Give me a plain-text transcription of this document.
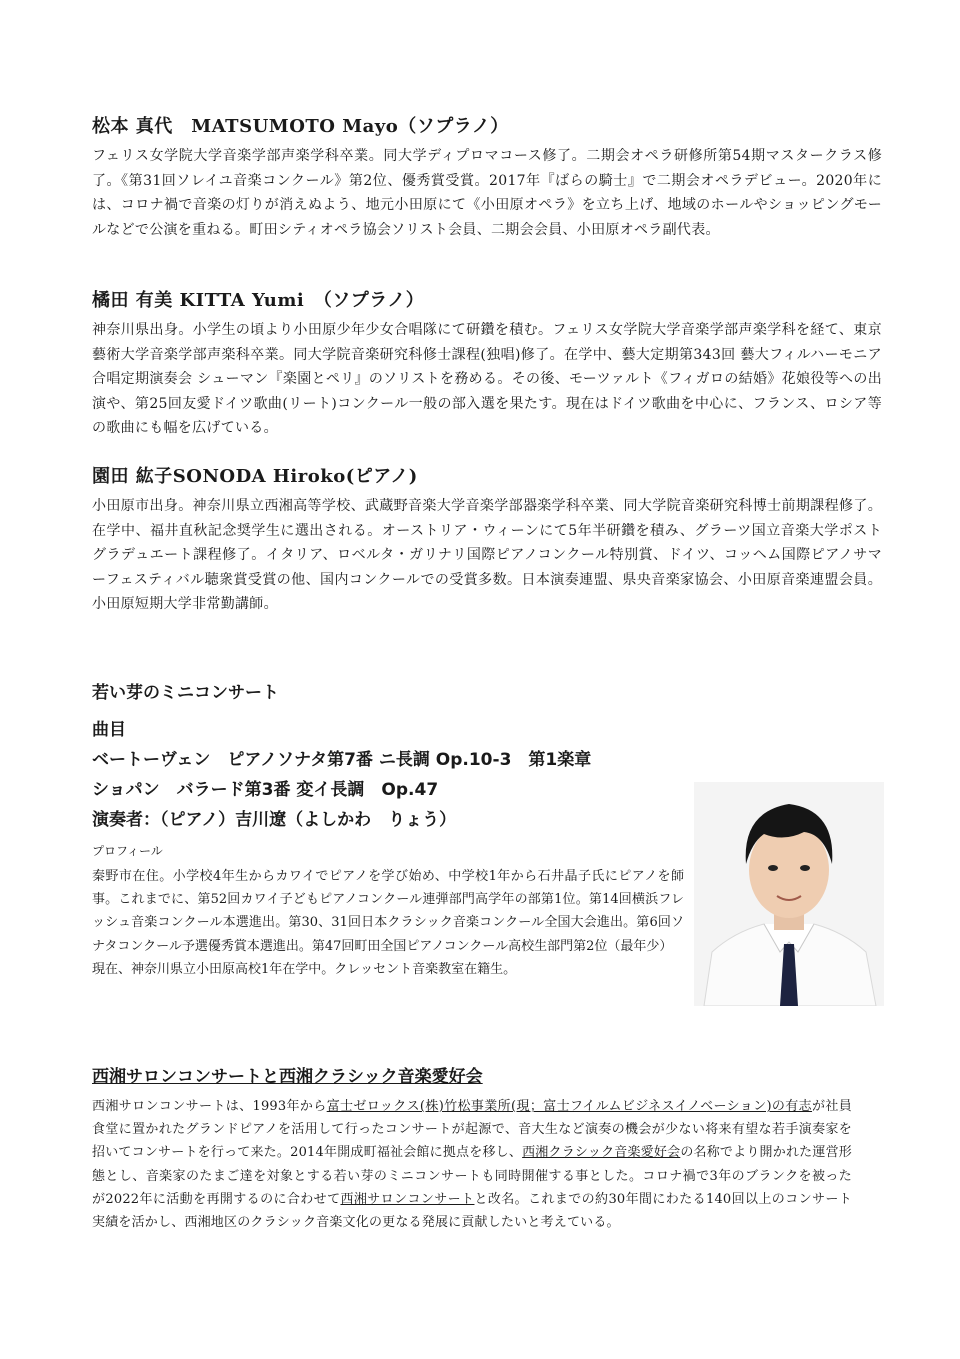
松本 真代　MATSUMOTO Mayo（ソプラノ）

フェリス女学院大学音楽学部声楽学科卒業。同大学ディプロマコース修了。二期会オペラ研修所第54期マスタークラス修了。《第31回ソレイユ音楽コンクール》第2位、優秀賞受賞。2017年『ばらの騎士』で二期会オペラデビュー。2020年には、コロナ禍で音楽の灯りが消えぬよう、地元小田原にて《小田原オペラ》を立ち上げ、地域のホールやショッピングモールなどで公演を重ねる。町田シティオペラ協会ソリスト会員、二期会会員、小田原オペラ副代表。

橘田 有美 KITTA Yumi　（ソプラノ）

神奈川県出身。小学生の頃より小田原少年少女合唱隊にて研鑽を積む。フェリス女学院大学音楽学部声楽学科を経て、東京藝術大学音楽学部声楽科卒業。同大学院音楽研究科修士課程(独唱)修了。在学中、藝大定期第343回 藝大フィルハーモニア合唱定期演奏会 シューマン『楽園とペリ』のソリストを務める。その後、モーツァルト《フィガロの結婚》花娘役等への出演や、第25回友愛ドイツ歌曲(リート)コンクール一般の部入選を果たす。現在はドイツ歌曲を中心に、フランス、ロシア等の歌曲にも幅を広げている。

園田 紘子SONODA Hiroko(ピアノ)

小田原市出身。神奈川県立西湘高等学校、武蔵野音楽大学音楽学部器楽学科卒業、同大学院音楽研究科博士前期課程修了。在学中、福井直秋記念奨学生に選出される。オーストリア・ウィーンにて5年半研鑽を積み、グラーツ国立音楽大学ポストグラデュエート課程修了。イタリア、ロベルタ・ガリナリ国際ピアノコンクール特別賞、ドイツ、コッヘム国際ピアノサマーフェスティバル聴衆賞受賞の他、国内コンクールでの受賞多数。日本演奏連盟、県央音楽家協会、小田原音楽連盟会員。小田原短期大学非常勤講師。

若い芽のミニコンサート
曲目
ベートーヴェン　ピアノソナタ第7番 ニ長調 Op.10-3　第1楽章
ショパン　バラード第3番 変イ長調　Op.47
演奏者：（ピアノ）吉川遼（よしかわ　りょう）
プロフィール

秦野市在住。小学校4年生からカワイでピアノを学び始め、中学校1年から石井晶子氏にピアノを師事。これまでに、第52回カワイ子どもピアノコンクール連弾部門高学年の部第1位。第14回横浜フレッシュ音楽コンクール本選進出。第30、31回日本クラシック音楽コンクール全国大会進出。第6回ソナタコンクール予選優秀賞本選進出。第47回町田全国ピアノコンクール高校生部門第2位（最年少）

現在、神奈川県立小田原高校1年在学中。クレッセント音楽教室在籍生。

西湘サロンコンサートと西湘クラシック音楽愛好会

西湘サロンコンサートは、1993年から富士ゼロックス(株)竹松事業所(現；富士フイルムビジネスイノベーション)の有志が社員食堂に置かれたグランドピアノを活用して行ったコンサートが起源で、音大生など演奏の機会が少ない将来有望な若手演奏家を招いてコンサートを行って来た。2014年開成町福祉会館に拠点を移し、西湘クラシック音楽愛好会の名称でより開かれた運営形態とし、音楽家のたまご達を対象とする若い芽のミニコンサートも同時開催する事とした。コロナ禍で3年のブランクを被ったが2022年に活動を再開するのに合わせて西湘サロンコンサートと改名。これまでの約30年間にわたる140回以上のコンサート実績を活かし、西湘地区のクラシック音楽文化の更なる発展に貢献したいと考えている。
